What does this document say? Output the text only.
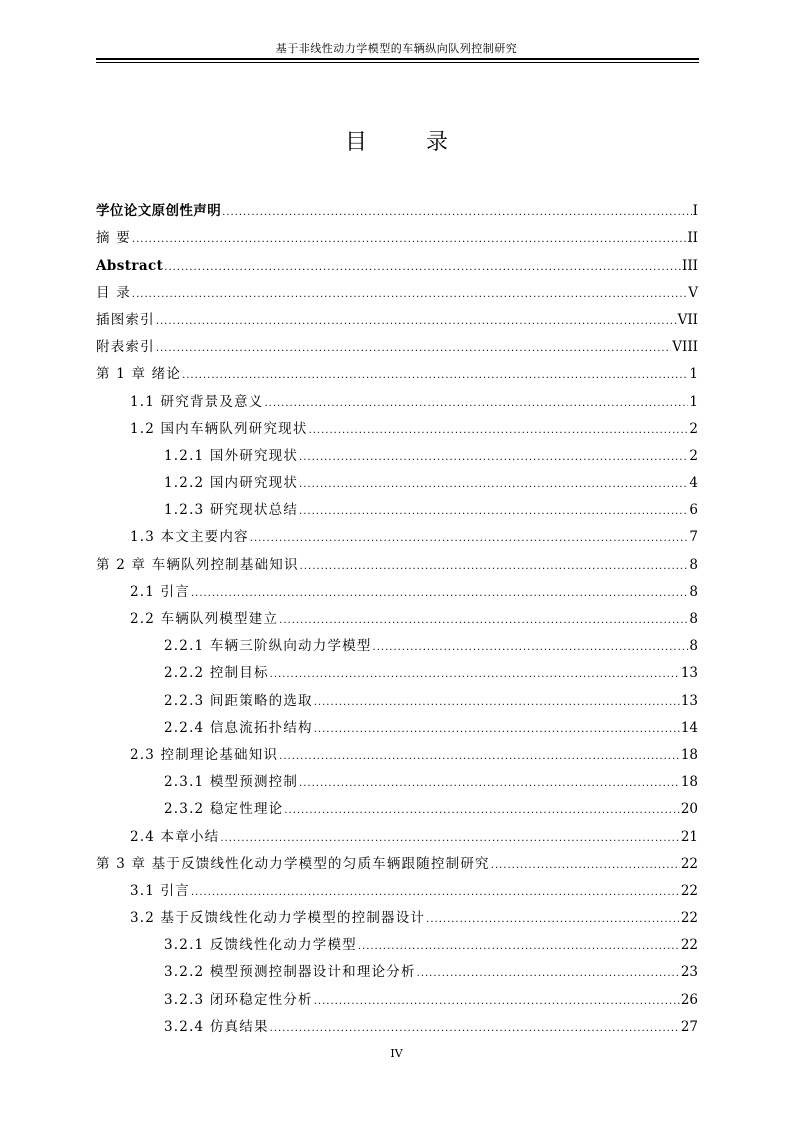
基于非线性动力学模型的车辆纵向队列控制研究
目 录
学位论文原创性声明 .....	I
摘 要 .....	II
Abstract .....	III
目 录 .....	V
插图索引 .....	VII
附表索引 .....	VIII
第 1 章 绪论 .....	1
1.1 研究背景及意义 .....	1
1.2 国内车辆队列研究现状 .....	2
1.2.1 国外研究现状 .....	2
1.2.2 国内研究现状 .....	4
1.2.3 研究现状总结 .....	6
1.3 本文主要内容 .....	7
第 2 章 车辆队列控制基础知识 .....	8
2.1 引言 .....	8
2.2 车辆队列模型建立 .....	8
2.2.1 车辆三阶纵向动力学模型 .....	8
2.2.2 控制目标 .....	13
2.2.3 间距策略的选取 .....	13
2.2.4 信息流拓扑结构 .....	14
2.3 控制理论基础知识 .....	18
2.3.1 模型预测控制 .....	18
2.3.2 稳定性理论 .....	20
2.4 本章小结 .....	21
第 3 章 基于反馈线性化动力学模型的匀质车辆跟随控制研究 .....	22
3.1 引言 .....	22
3.2 基于反馈线性化动力学模型的控制器设计 .....	22
3.2.1 反馈线性化动力学模型 .....	22
3.2.2 模型预测控制器设计和理论分析 .....	23
3.2.3 闭环稳定性分析 .....	26
3.2.4 仿真结果 .....	27
IV
